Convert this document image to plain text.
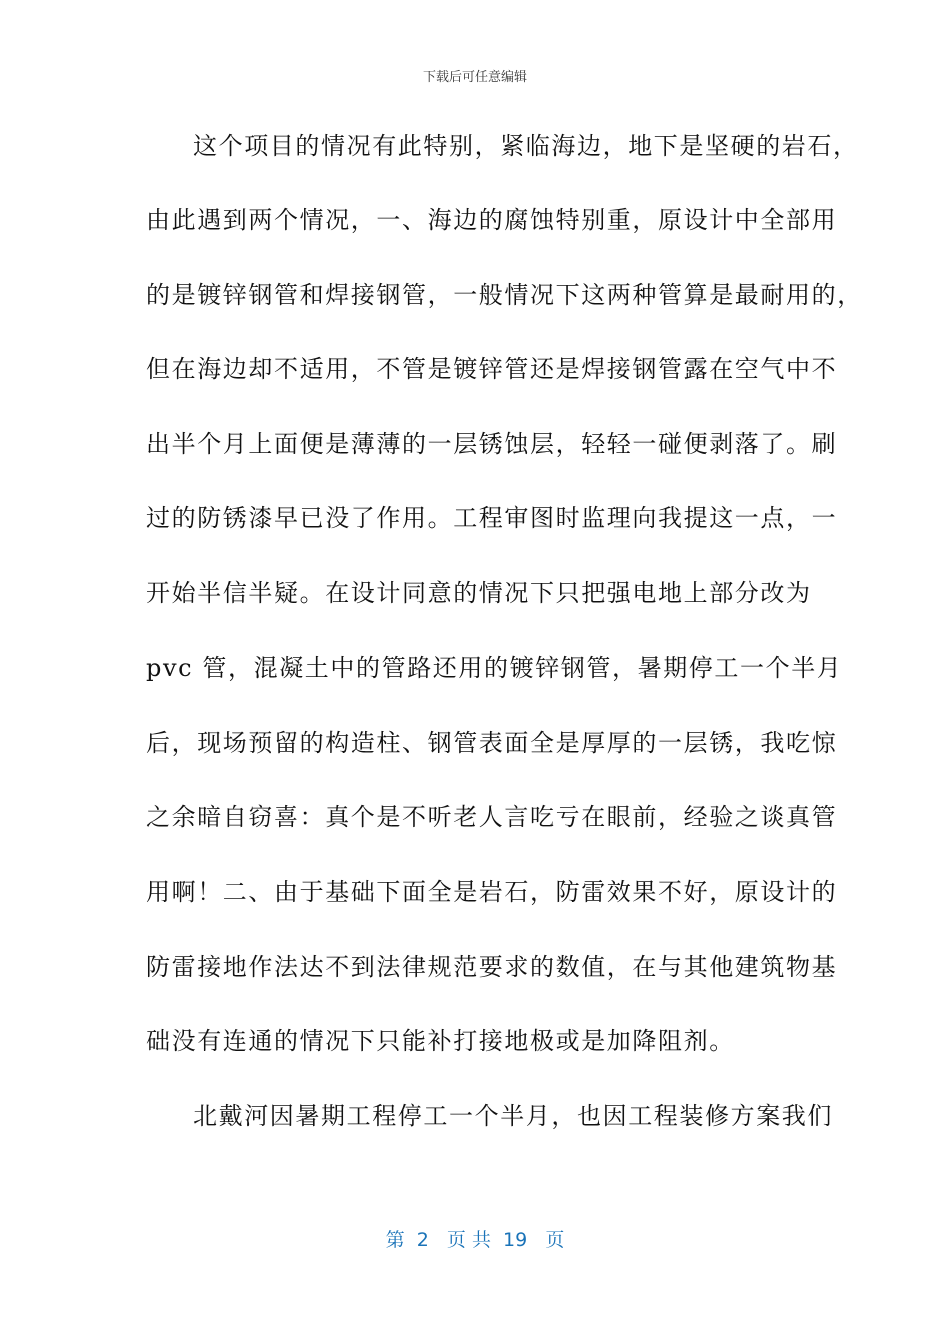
下载后可任意编辑
这个项目的情况有此特别，紧临海边，地下是坚硬的岩石，
由此遇到两个情况，一、海边的腐蚀特别重，原设计中全部用
的是镀锌钢管和焊接钢管，一般情况下这两种管算是最耐用的，
但在海边却不适用，不管是镀锌管还是焊接钢管露在空气中不
出半个月上面便是薄薄的一层锈蚀层，轻轻一碰便剥落了。刷
过的防锈漆早已没了作用。工程审图时监理向我提这一点，一
开始半信半疑。在设计同意的情况下只把强电地上部分改为
pvc 管，混凝土中的管路还用的镀锌钢管，暑期停工一个半月
后，现场预留的构造柱、钢管表面全是厚厚的一层锈，我吃惊
之余暗自窃喜：真个是不听老人言吃亏在眼前，经验之谈真管
用啊！二、由于基础下面全是岩石，防雷效果不好，原设计的
防雷接地作法达不到法律规范要求的数值，在与其他建筑物基
础没有连通的情况下只能补打接地极或是加降阻剂。
北戴河因暑期工程停工一个半月，也因工程装修方案我们
第  2   页 共  19   页
